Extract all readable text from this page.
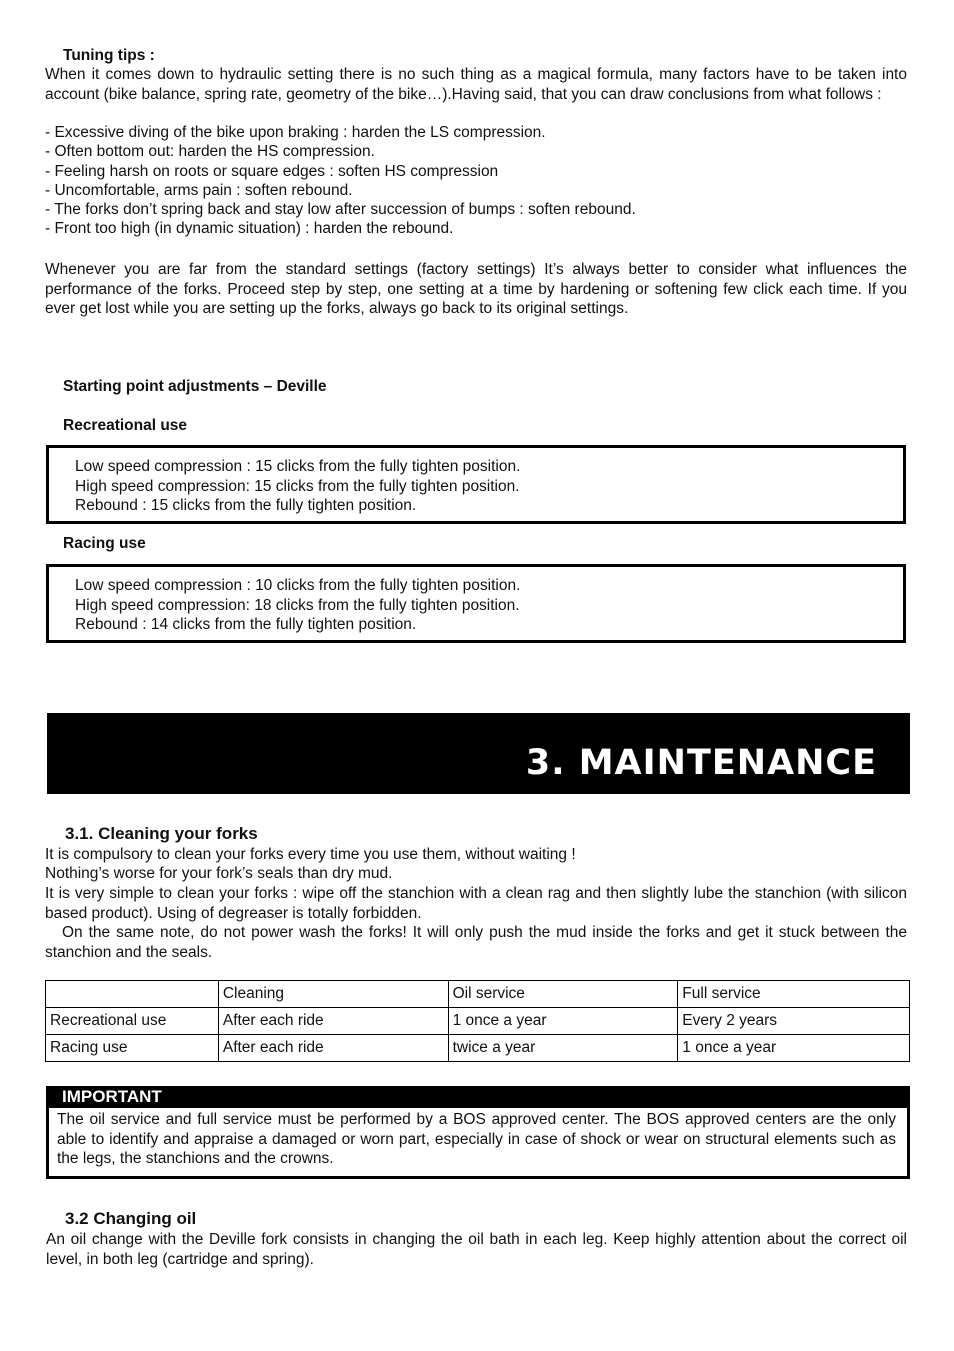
Tuning tips :
When it comes down to hydraulic setting there is no such thing as a magical formula, many factors have to be taken into account (bike balance, spring rate, geometry of the bike…).Having said, that you can draw conclusions from what follows :
- Excessive diving of the bike upon braking : harden the LS compression.
- Often bottom out: harden the HS compression.
- Feeling harsh on roots or square edges : soften HS compression
- Uncomfortable, arms pain : soften rebound.
- The forks don’t spring back and stay low after succession of bumps : soften rebound.
- Front too high (in dynamic situation) : harden the rebound.
Whenever you are far from the standard settings (factory settings) It’s always better to consider what influences the performance of the forks. Proceed step by step, one setting at a time by hardening or softening few click each time. If you ever get lost while you are setting up the forks, always go back to its original settings.
Starting point adjustments – Deville
Recreational use
Low speed compression : 15 clicks from the fully tighten position.
High speed compression: 15 clicks from the fully tighten position.
Rebound : 15 clicks from the fully tighten position.
Racing use
Low speed compression : 10 clicks from the fully tighten position.
High speed compression: 18 clicks from the fully tighten position.
Rebound : 14 clicks from the fully tighten position.
3. MAINTENANCE
3.1. Cleaning your forks
It is compulsory to clean your forks every time you use them, without waiting !
Nothing’s worse for your fork’s seals than dry mud.
It is very simple to clean your forks : wipe off the stanchion with a clean rag and then slightly lube the stanchion (with silicon based product). Using of degreaser is totally forbidden.
On the same note, do not power wash the forks! It will only push the mud inside the forks and get it stuck between the stanchion and the seals.
	Cleaning	Oil service	Full service
Recreational use	After each ride	1 once a year	Every 2 years
Racing use	After each ride	twice a year	1 once a year
IMPORTANT
The oil service and full service must be performed by a BOS approved center. The BOS approved centers are the only able to identify and appraise a damaged or worn part, especially in case of shock or wear on structural elements such as the legs, the stanchions and the crowns.
3.2 Changing oil
An oil change with the Deville fork consists in changing the oil bath in each leg. Keep highly attention about the correct oil level, in both leg (cartridge and spring).
